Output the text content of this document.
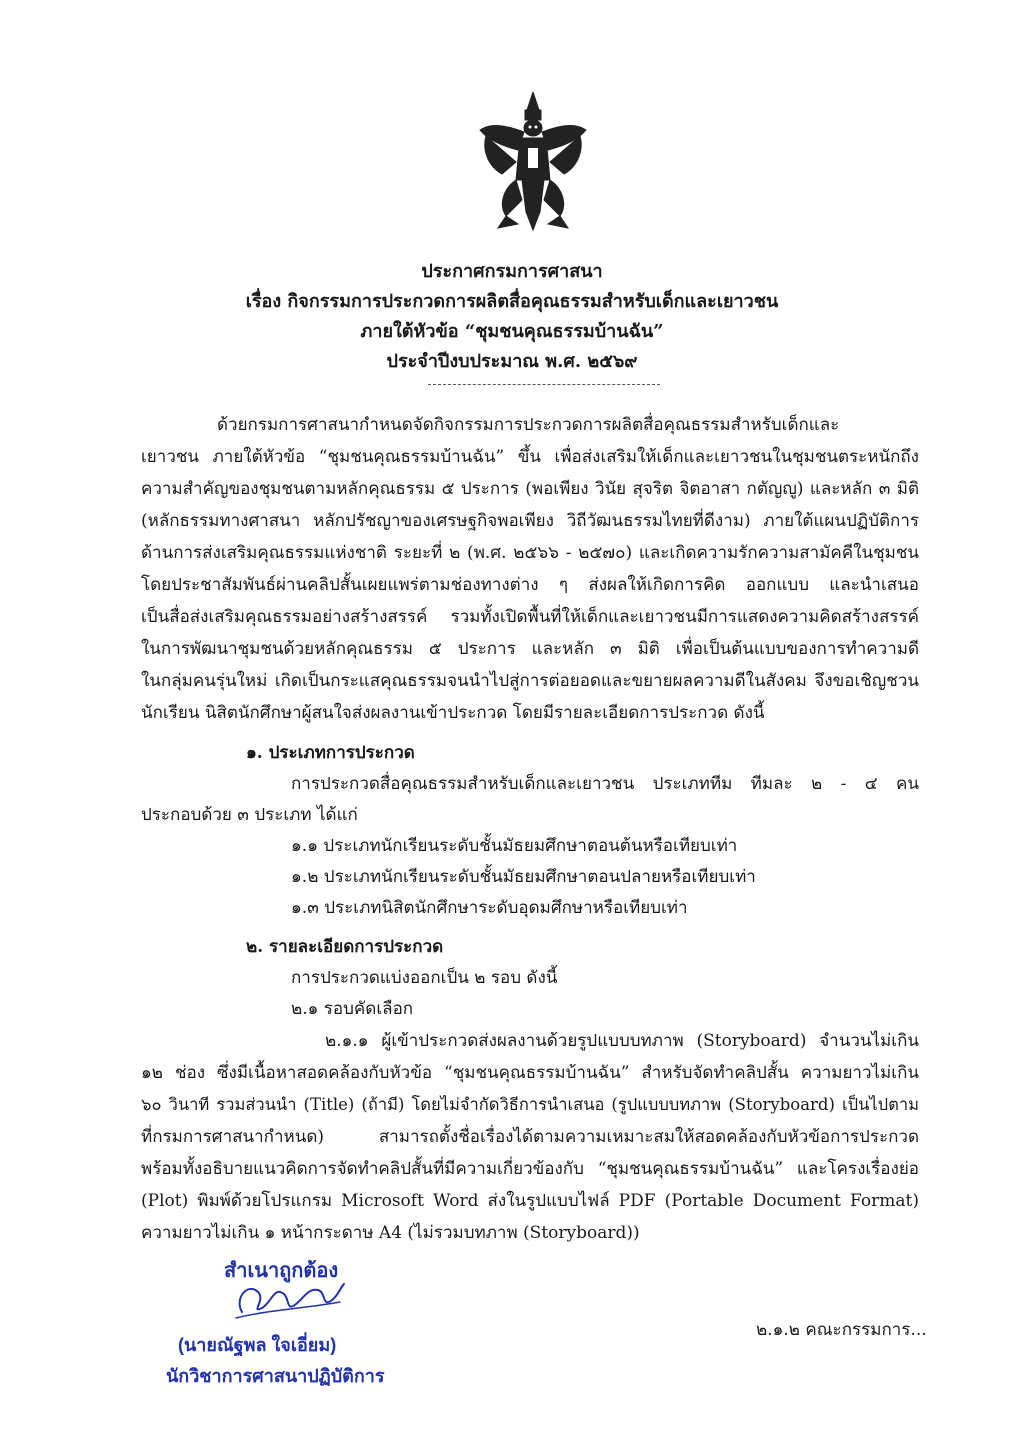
ประกาศกรมการศาสนา
เรื่อง กิจกรรมการประกวดการผลิตสื่อคุณธรรมสำหรับเด็กและเยาวชน
ภายใต้หัวข้อ “ชุมชนคุณธรรมบ้านฉัน”
ประจำปีงบประมาณ พ.ศ. ๒๕๖๙
ด้วยกรมการศาสนากำหนดจัดกิจกรรมการประกวดการผลิตสื่อคุณธรรมสำหรับเด็กและ
เยาวชน ภายใต้หัวข้อ “ชุมชนคุณธรรมบ้านฉัน” ขึ้น เพื่อส่งเสริมให้เด็กและเยาวชนในชุมชนตระหนักถึง
ความสำคัญของชุมชนตามหลักคุณธรรม ๕ ประการ (พอเพียง วินัย สุจริต จิตอาสา กตัญญู) และหลัก ๓ มิติ
(หลักธรรมทางศาสนา หลักปรัชญาของเศรษฐกิจพอเพียง วิถีวัฒนธรรมไทยที่ดีงาม) ภายใต้แผนปฏิบัติการ
ด้านการส่งเสริมคุณธรรมแห่งชาติ ระยะที่ ๒ (พ.ศ. ๒๕๖๖ - ๒๕๗๐) และเกิดความรักความสามัคคีในชุมชน
โดยประชาสัมพันธ์ผ่านคลิปสั้นเผยแพร่ตามช่องทางต่าง ๆ ส่งผลให้เกิดการคิด ออกแบบ และนำเสนอ
เป็นสื่อส่งเสริมคุณธรรมอย่างสร้างสรรค์ รวมทั้งเปิดพื้นที่ให้เด็กและเยาวชนมีการแสดงความคิดสร้างสรรค์
ในการพัฒนาชุมชนด้วยหลักคุณธรรม ๕ ประการ และหลัก ๓ มิติ เพื่อเป็นต้นแบบของการทำความดี
ในกลุ่มคนรุ่นใหม่ เกิดเป็นกระแสคุณธรรมจนนำไปสู่การต่อยอดและขยายผลความดีในสังคม จึงขอเชิญชวน
นักเรียน นิสิตนักศึกษาผู้สนใจส่งผลงานเข้าประกวด โดยมีรายละเอียดการประกวด ดังนี้
๑. ประเภทการประกวด
การประกวดสื่อคุณธรรมสำหรับเด็กและเยาวชน ประเภททีม ทีมละ ๒ - ๔ คน
ประกอบด้วย ๓ ประเภท ได้แก่
๑.๑ ประเภทนักเรียนระดับชั้นมัธยมศึกษาตอนต้นหรือเทียบเท่า
๑.๒ ประเภทนักเรียนระดับชั้นมัธยมศึกษาตอนปลายหรือเทียบเท่า
๑.๓ ประเภทนิสิตนักศึกษาระดับอุดมศึกษาหรือเทียบเท่า
๒. รายละเอียดการประกวด
การประกวดแบ่งออกเป็น ๒ รอบ ดังนี้
๒.๑ รอบคัดเลือก
๒.๑.๑ ผู้เข้าประกวดส่งผลงานด้วยรูปแบบบทภาพ (Storyboard) จำนวนไม่เกิน
๑๒ ช่อง ซึ่งมีเนื้อหาสอดคล้องกับหัวข้อ “ชุมชนคุณธรรมบ้านฉัน” สำหรับจัดทำคลิปสั้น ความยาวไม่เกิน
๖๐ วินาที รวมส่วนนำ (Title) (ถ้ามี) โดยไม่จำกัดวิธีการนำเสนอ (รูปแบบบทภาพ (Storyboard) เป็นไปตาม
ที่กรมการศาสนากำหนด) สามารถตั้งชื่อเรื่องได้ตามความเหมาะสมให้สอดคล้องกับหัวข้อการประกวด
พร้อมทั้งอธิบายแนวคิดการจัดทำคลิปสั้นที่มีความเกี่ยวข้องกับ “ชุมชนคุณธรรมบ้านฉัน” และโครงเรื่องย่อ
(Plot) พิมพ์ด้วยโปรแกรม Microsoft Word ส่งในรูปแบบไฟล์ PDF (Portable Document Format)
ความยาวไม่เกิน ๑ หน้ากระดาษ A4 (ไม่รวมบทภาพ (Storyboard))
สำเนาถูกต้อง
(นายณัฐพล ใจเอี่ยม)
นักวิชาการศาสนาปฏิบัติการ
๒.๑.๒ คณะกรรมการ...
